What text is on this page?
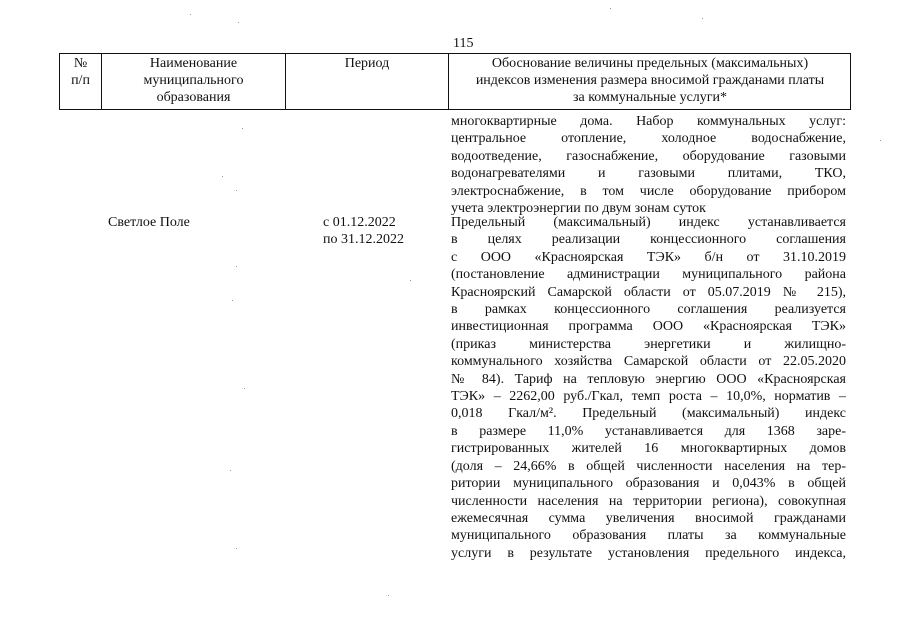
115
№
п/п
Наименование
муниципального
образования
Период	Обоснование величины предельных (максимальных)
индексов изменения размера вносимой гражданами платы
за коммунальные услуги*
многоквартирные дома. Набор коммунальных услуг:
центральное отопление, холодное водоснабжение,
водоотведение, газоснабжение, оборудование газовыми
водонагревателями и газовыми плитами, ТКО,
электроснабжение, в том числе оборудование прибором
учета электроэнергии по двум зонам суток
Светлое Поле	с 01.12.2022
по 31.12.2022
Предельный (максимальный) индекс устанавливается
в целях реализации концессионного соглашения
с ООО «Красноярская ТЭК» б/н от 31.10.2019
(постановление администрации муниципального района
Красноярский Самарской области от 05.07.2019 № 215),
в рамках концессионного соглашения реализуется
инвестиционная программа ООО «Красноярская ТЭК»
(приказ министерства энергетики и жилищно-
коммунального хозяйства Самарской области от 22.05.2020
№ 84). Тариф на тепловую энергию ООО «Красноярская
ТЭК» – 2262,00 руб./Гкал, темп роста – 10,0%, норматив –
0,018 Гкал/м². Предельный (максимальный) индекс
в размере 11,0% устанавливается для 1368 заре-
гистрированных жителей 16 многоквартирных домов
(доля – 24,66% в общей численности населения на тер-
ритории муниципального образования и 0,043% в общей
численности населения на территории региона), совокупная
ежемесячная сумма увеличения вносимой гражданами
муниципального образования платы за коммунальные
услуги в результате установления предельного индекса,
